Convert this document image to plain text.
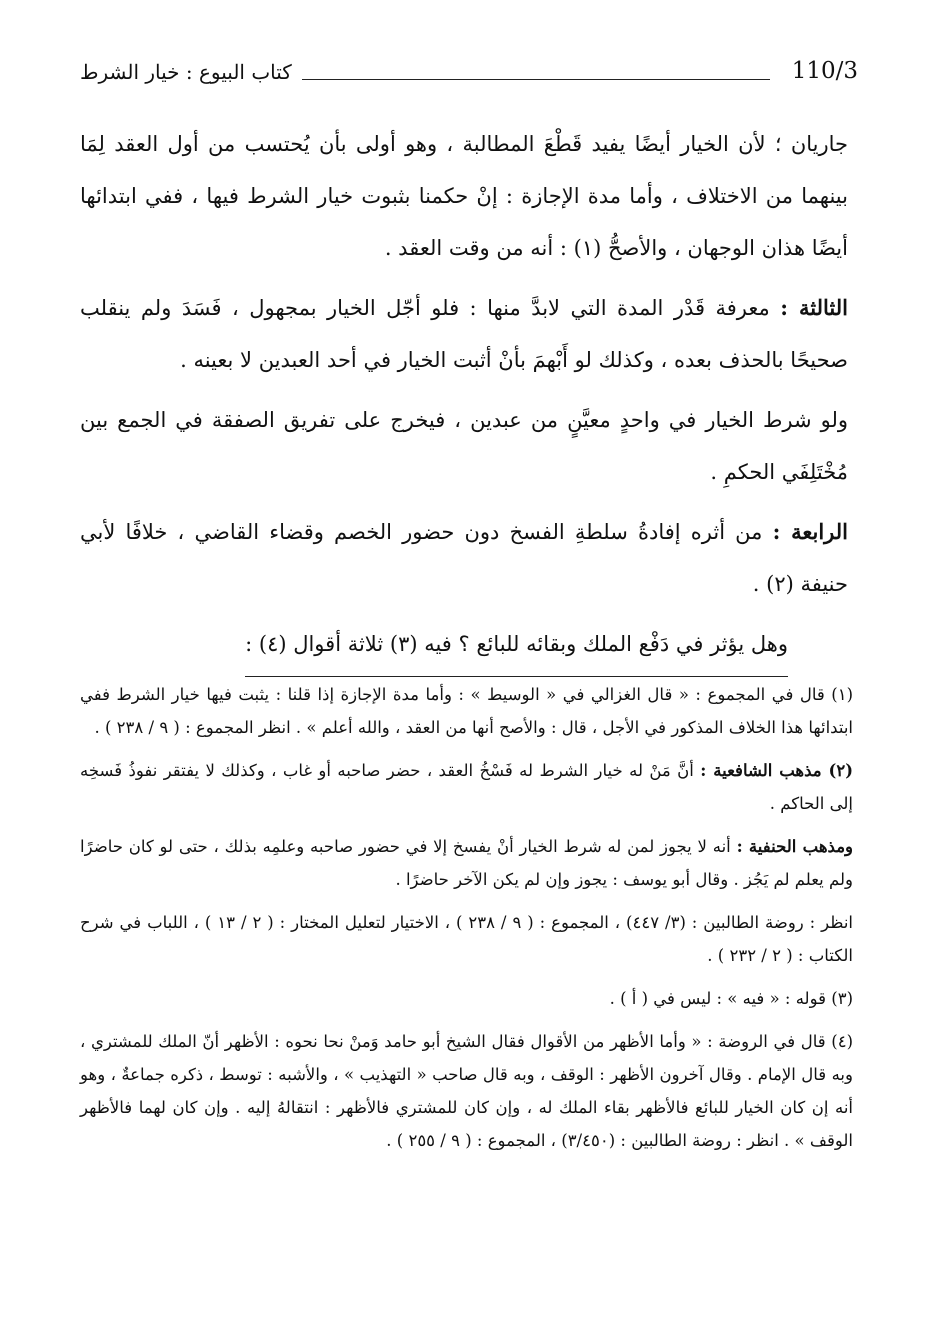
110/3
كتاب البيوع : خيار الشرط

جاريان ؛ لأن الخيار أيضًا يفيد قَطْعَ المطالبة ، وهو أولى بأن يُحتسب من أول العقد لِمَا بينهما من الاختلاف ، وأما مدة الإجازة : إنْ حكمنا بثبوت خيار الشرط فيها ، ففي ابتدائها أيضًا هذان الوجهان ، والأصحُّ (١) : أنه من وقت العقد .

الثالثة : معرفة قَدْر المدة التي لابدَّ منها : فلو أجّل الخيار بمجهول ، فَسَدَ ولم ينقلب صحيحًا بالحذف بعده ، وكذلك لو أَبْهمَ بأنْ أثبت الخيار في أحد العبدين لا بعينه .

ولو شرط الخيار في واحدٍ معيَّنٍ من عبدين ، فيخرج على تفريق الصفقة في الجمع بين مُخْتَلِفَي الحكمِ .

الرابعة : من أثره إفادةُ سلطةِ الفسخ دون حضور الخصم وقضاء القاضي ، خلافًا لأبي حنيفة (٢) .

وهل يؤثر في دَفْع الملك وبقائه للبائع ؟ فيه (٣) ثلاثة أقوال (٤) :

(١) قال في المجموع : « قال الغزالي في « الوسيط » : وأما مدة الإجازة إذا قلنا : يثبت فيها خيار الشرط ففي ابتدائها هذا الخلاف المذكور في الأجل ، قال : والأصح أنها من العقد ، والله أعلم » . انظر المجموع : ( ٩ / ٢٣٨ ) .

(٢) مذهب الشافعية : أنَّ مَنْ له خيار الشرط له فَسْخُ العقد ، حضر صاحبه أو غاب ، وكذلك لا يفتقر نفوذُ فَسخِه إلى الحاكم .

ومذهب الحنفية : أنه لا يجوز لمن له شرط الخيار أنْ يفسخ إلا في حضور صاحبه وعلمِه بذلك ، حتى لو كان حاضرًا ولم يعلم لم يَجُز . وقال أبو يوسف : يجوز وإن لم يكن الآخر حاضرًا .

انظر : روضة الطالبين : (٣/ ٤٤٧) ، المجموع : ( ٩ / ٢٣٨ ) ، الاختيار لتعليل المختار : ( ٢ / ١٣ ) ، اللباب في شرح الكتاب : ( ٢ / ٢٣٢ ) .

(٣) قوله : « فيه » : ليس في ( أ ) .

(٤) قال في الروضة : « وأما الأظهر من الأقوال فقال الشيخ أبو حامد وَمنْ نحا نحوه : الأظهر أنّ الملك للمشتري ، وبه قال الإمام . وقال آخرون الأظهر : الوقف ، وبه قال صاحب « التهذيب » ، والأشبه : توسط ، ذكره جماعةٌ ، وهو أنه إن كان الخيار للبائع فالأظهر بقاء الملك له ، وإن كان للمشتري فالأظهر : انتقالهُ إليه . وإن كان لهما فالأظهر الوقف » . انظر : روضة الطالبين : (٣/٤٥٠) ، المجموع : ( ٩ / ٢٥٥ ) .
